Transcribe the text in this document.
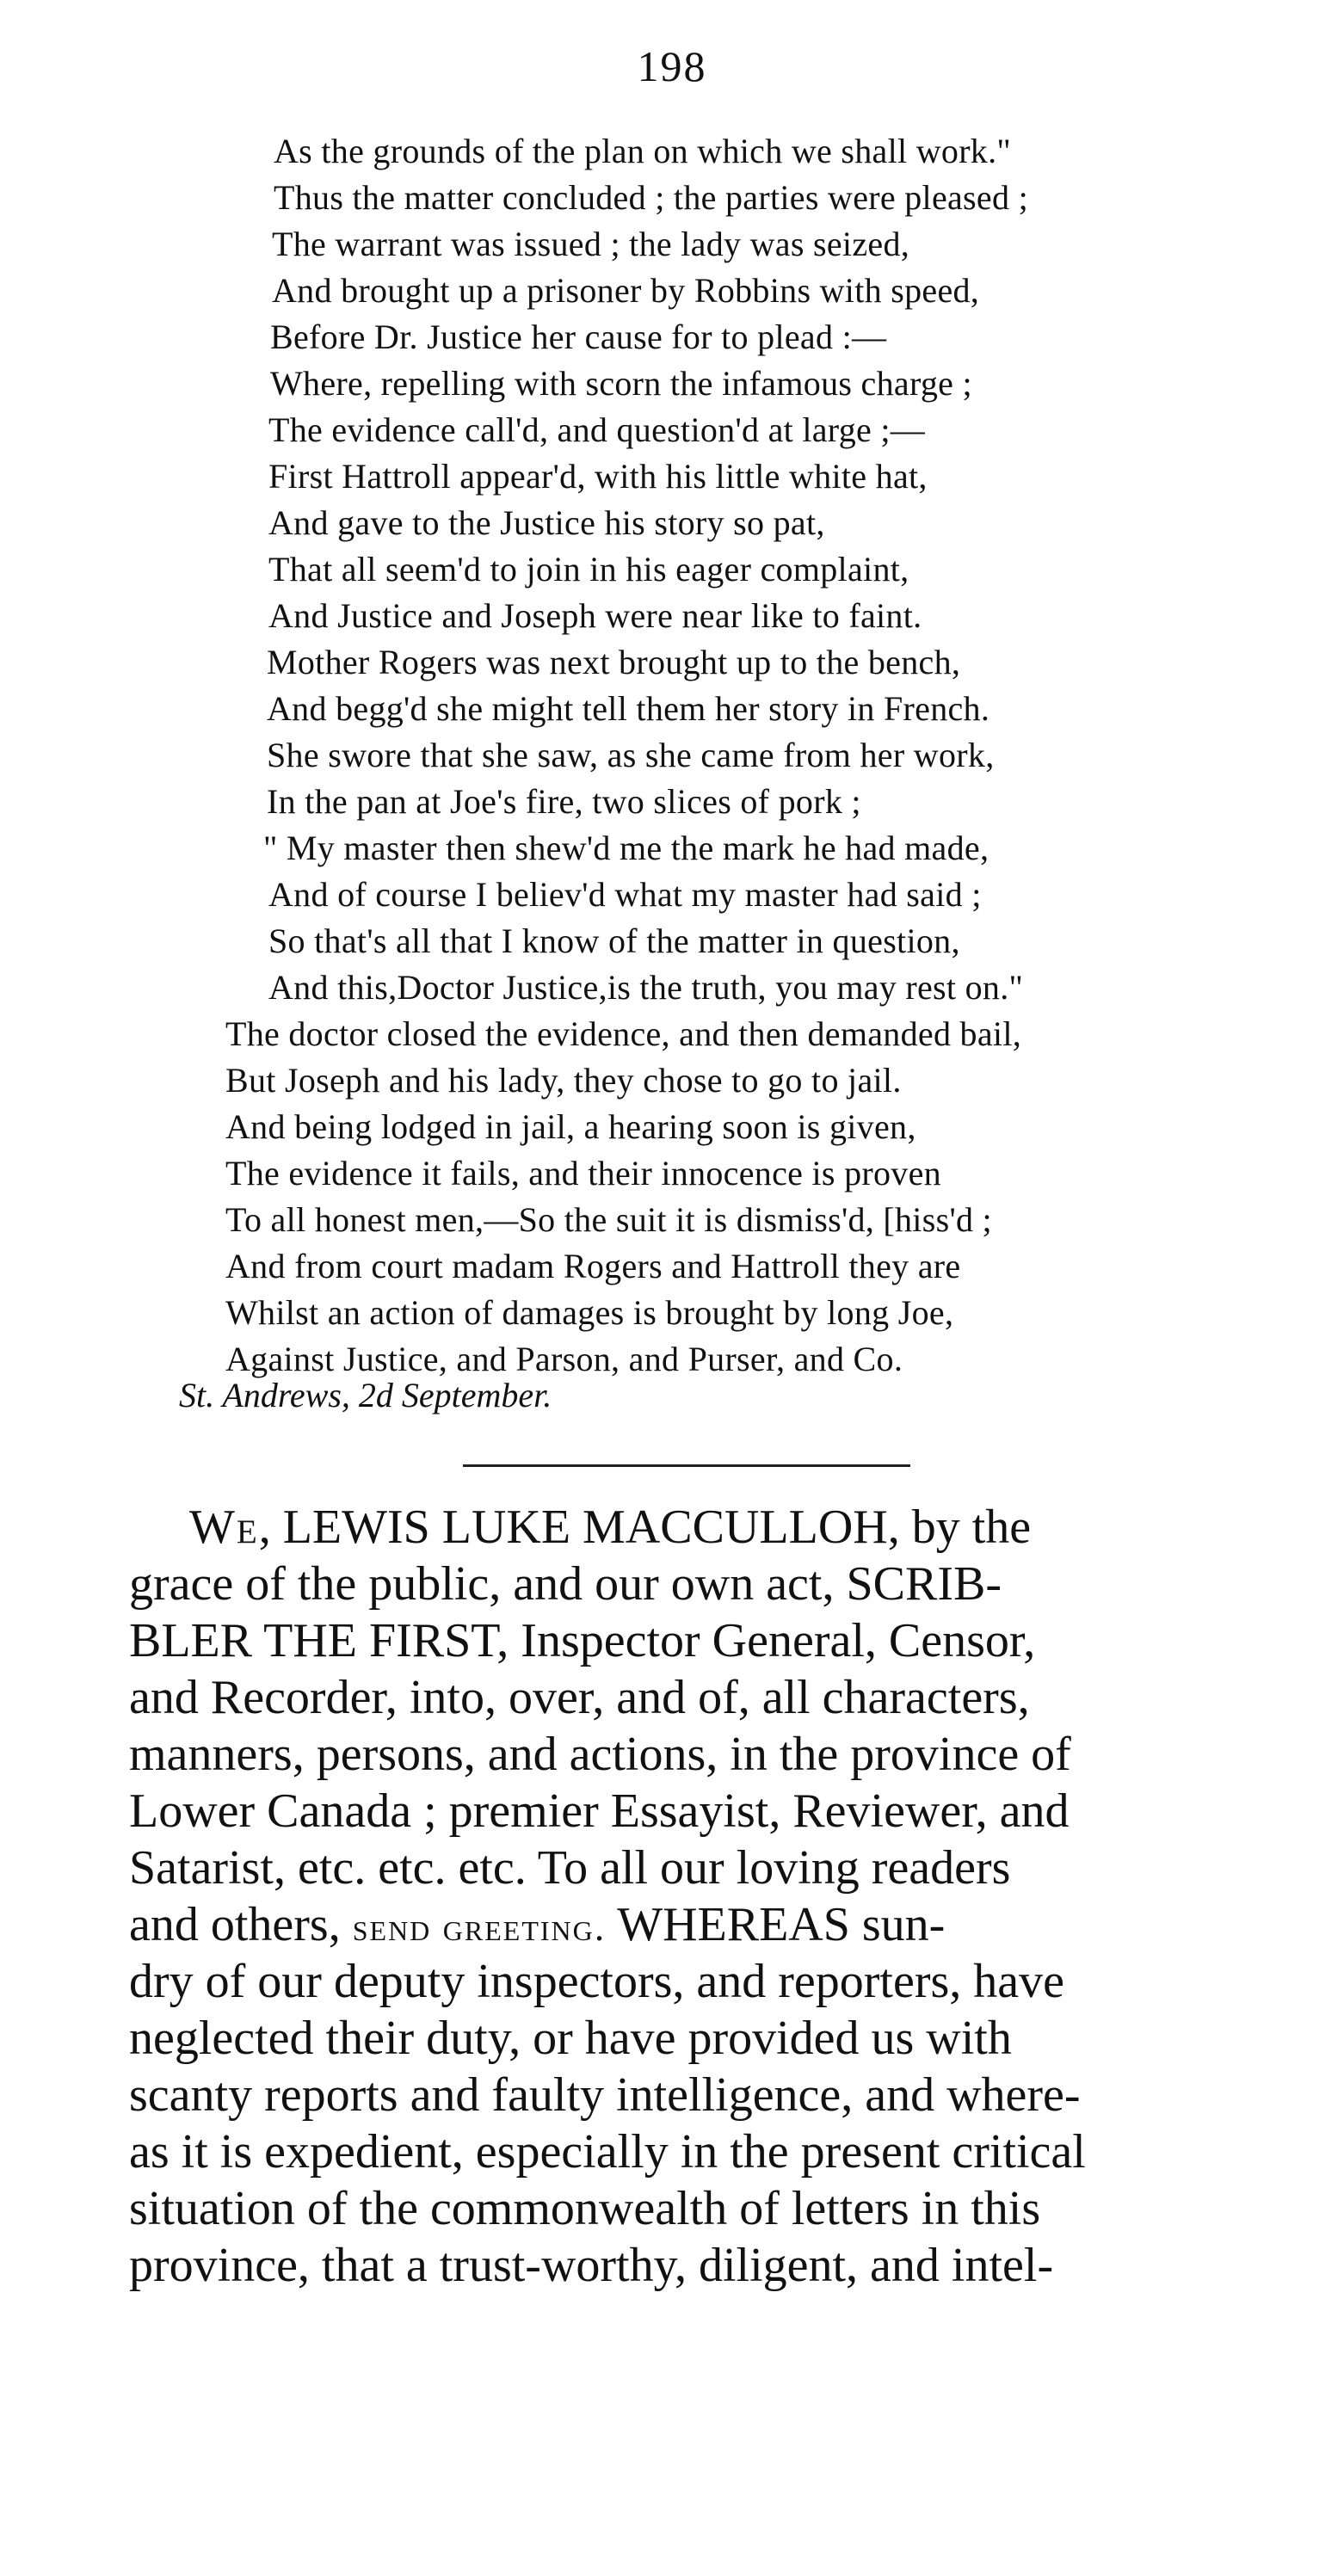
198
As the grounds of the plan on which we shall work."
Thus the matter concluded ; the parties were pleased ;
The warrant was issued ; the lady was seized,
And brought up a prisoner by Robbins with speed,
Before Dr. Justice her cause for to plead :—
Where, repelling with scorn the infamous charge ;
The evidence call'd, and question'd at large ;—
First Hattroll appear'd, with his little white hat,
And gave to the Justice his story so pat,
That all seem'd to join in his eager complaint,
And Justice and Joseph were near like to faint.
Mother Rogers was next brought up to the bench,
And begg'd she might tell them her story in French.
She swore that she saw, as she came from her work,
In the pan at Joe's fire, two slices of pork ;
" My master then shew'd me the mark he had made,
And of course I believ'd what my master had said ;
So that's all that I know of the matter in question,
And this,Doctor Justice,is the truth, you may rest on."
The doctor closed the evidence, and then demanded bail,
But Joseph and his lady, they chose to go to jail.
And being lodged in jail, a hearing soon is given,
The evidence it fails, and their innocence is proven
To all honest men,—So the suit it is dismiss'd, [hiss'd ;
And from court madam Rogers and Hattroll they are
Whilst an action of damages is brought by long Joe,
Against Justice, and Parson, and Purser, and Co.
St. Andrews, 2d September.
We, LEWIS LUKE MACCULLOH, by the
grace of the public, and our own act, SCRIB-
BLER THE FIRST, Inspector General, Censor,
and Recorder, into, over, and of, all characters,
manners, persons, and actions, in the province of
Lower Canada ; premier Essayist, Reviewer, and
Satarist, etc. etc. etc. To all our loving readers
and others, send greeting. WHEREAS sun-
dry of our deputy inspectors, and reporters, have
neglected their duty, or have provided us with
scanty reports and faulty intelligence, and where-
as it is expedient, especially in the present critical
situation of the commonwealth of letters in this
province, that a trust-worthy, diligent, and intel-
